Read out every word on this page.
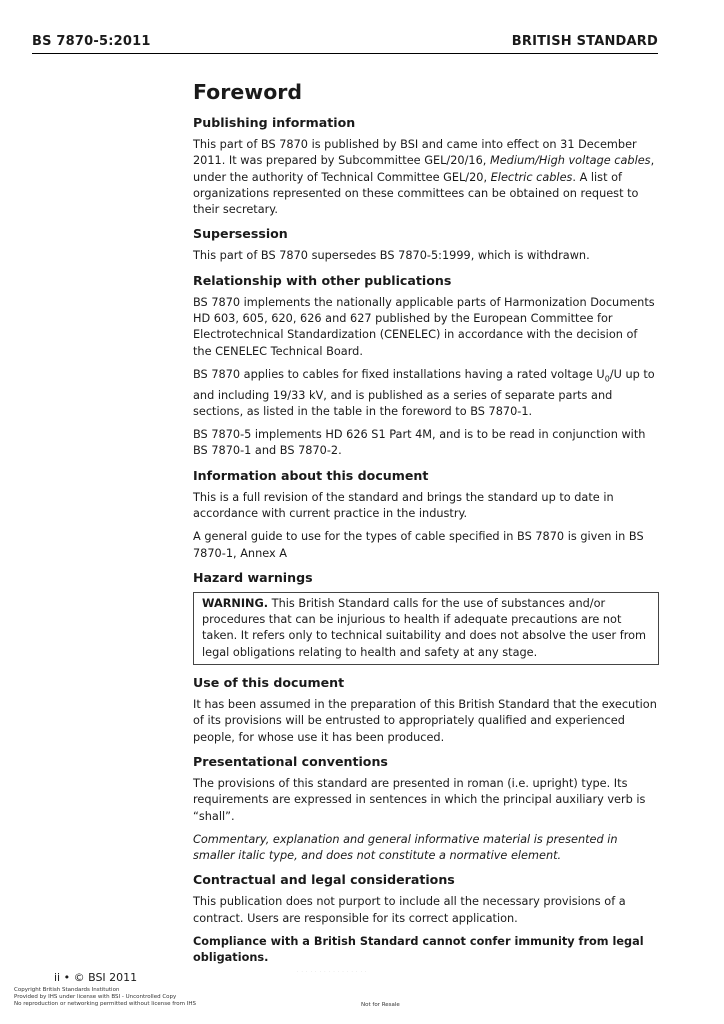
BS 7870-5:2011	BRITISH STANDARD
Foreword
Publishing information

This part of BS 7870 is published by BSI and came into effect on 31 December 2011. It was prepared by Subcommittee GEL/20/16, Medium/High voltage cables, under the authority of Technical Committee GEL/20, Electric cables. A list of organizations represented on these committees can be obtained on request to their secretary.

Supersession

This part of BS 7870 supersedes BS 7870-5:1999, which is withdrawn.

Relationship with other publications

BS 7870 implements the nationally applicable parts of Harmonization Documents HD 603, 605, 620, 626 and 627 published by the European Committee for Electrotechnical Standardization (CENELEC) in accordance with the decision of the CENELEC Technical Board.

BS 7870 applies to cables for fixed installations having a rated voltage $U_0/U$ up to and including 19/33 kV, and is published as a series of separate parts and sections, as listed in the table in the foreword to BS 7870-1.

BS 7870-5 implements HD 626 S1 Part 4M, and is to be read in conjunction with BS 7870-1 and BS 7870-2.

Information about this document

This is a full revision of the standard and brings the standard up to date in accordance with current practice in the industry.

A general guide to use for the types of cable specified in BS 7870 is given in BS 7870-1, Annex A

Hazard warnings
WARNING. This British Standard calls for the use of substances and/or procedures that can be injurious to health if adequate precautions are not taken. It refers only to technical suitability and does not absolve the user from legal obligations relating to health and safety at any stage.
Use of this document

It has been assumed in the preparation of this British Standard that the execution of its provisions will be entrusted to appropriately qualified and experienced people, for whose use it has been produced.

Presentational conventions

The provisions of this standard are presented in roman (i.e. upright) type. Its requirements are expressed in sentences in which the principal auxiliary verb is “shall”.

Commentary, explanation and general informative material is presented in smaller italic type, and does not constitute a normative element.

Contractual and legal considerations

This publication does not purport to include all the necessary provisions of a contract. Users are responsible for its correct application.

Compliance with a British Standard cannot confer immunity from legal obligations.

ii • © BSI 2011
. . . . . . . . . . . . . . . .
Copyright British Standards Institution
Provided by IHS under license with BSI - Uncontrolled Copy
No reproduction or networking permitted without license from IHS	Not for Resale
